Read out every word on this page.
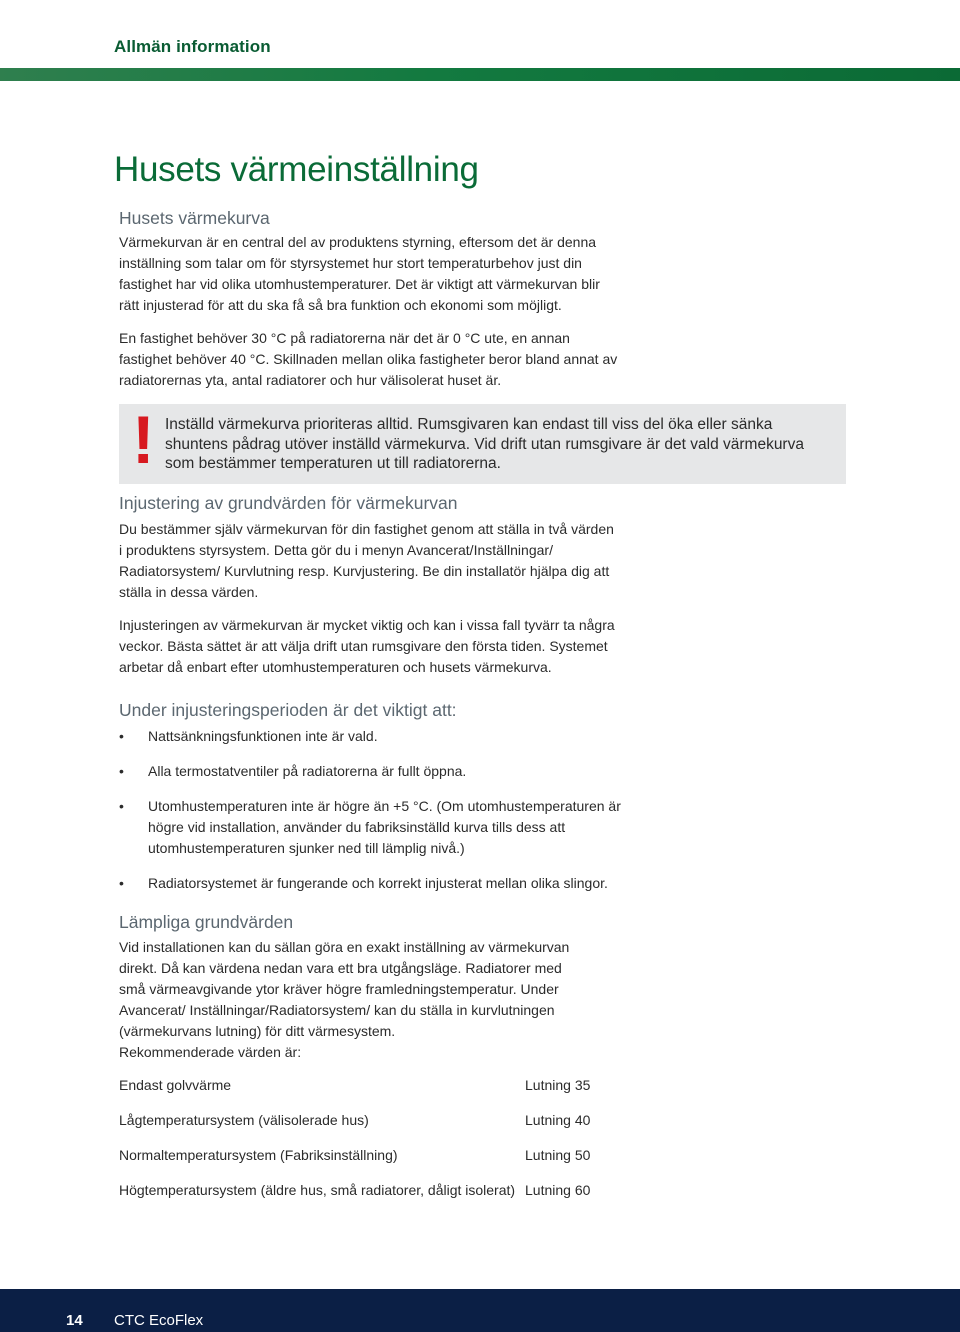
Allmän information
Husets värmeinställning
Husets värmekurva

Värmekurvan är en central del av produktens styrning, eftersom det är denna inställning som talar om för styrsystemet hur stort temperaturbehov just din fastighet har vid olika utomhustemperaturer. Det är viktigt att värmekurvan blir rätt injusterad för att du ska få så bra funktion och ekonomi som möjligt.

En fastighet behöver 30 °C på radiatorerna när det är 0 °C ute, en annan fastighet behöver 40 °C. Skillnaden mellan olika fastigheter beror bland annat av radiatorernas yta, antal radiatorer och hur välisolerat huset är.

! Inställd värmekurva prioriteras alltid. Rumsgivaren kan endast till viss del öka eller sänka shuntens pådrag utöver inställd värmekurva. Vid drift utan rumsgivare är det vald värmekurva som bestämmer temperaturen ut till radiatorerna.
Injustering av grundvärden för värmekurvan

Du bestämmer själv värmekurvan för din fastighet genom att ställa in två värden i produktens styrsystem. Detta gör du i menyn Avancerat/Inställningar/ Radiatorsystem/ Kurvlutning resp. Kurvjustering. Be din installatör hjälpa dig att ställa in dessa värden.

Injusteringen av värmekurvan är mycket viktig och kan i vissa fall tyvärr ta några veckor. Bästa sättet är att välja drift utan rumsgivare den första tiden. Systemet arbetar då enbart efter utomhustemperaturen och husets värmekurva.

Under injusteringsperioden är det viktigt att:
• Nattsänkningsfunktionen inte är vald.
• Alla termostatventiler på radiatorerna är fullt öppna.
• Utomhustemperaturen inte är högre än +5 °C. (Om utomhustemperaturen är högre vid installation, använder du fabriksinställd kurva tills dess att utomhustemperaturen sjunker ned till lämplig nivå.)
• Radiatorsystemet är fungerande och korrekt injusterat mellan olika slingor.
Lämpliga grundvärden

Vid installationen kan du sällan göra en exakt inställning av värmekurvan direkt. Då kan värdena nedan vara ett bra utgångsläge. Radiatorer med små värmeavgivande ytor kräver högre framledningstemperatur. Under Avancerat/ Inställningar/Radiatorsystem/ kan du ställa in kurvlutningen (värmekurvans lutning) för ditt värmesystem.

Rekommenderade värden är:

Endast golvvärme	Lutning 35
Lågtemperatursystem (välisolerade hus)	Lutning 40
Normaltemperatursystem (Fabriksinställning)	Lutning 50
Högtemperatursystem (äldre hus, små radiatorer, dåligt isolerat) Lutning 60
14 CTC EcoFlex
